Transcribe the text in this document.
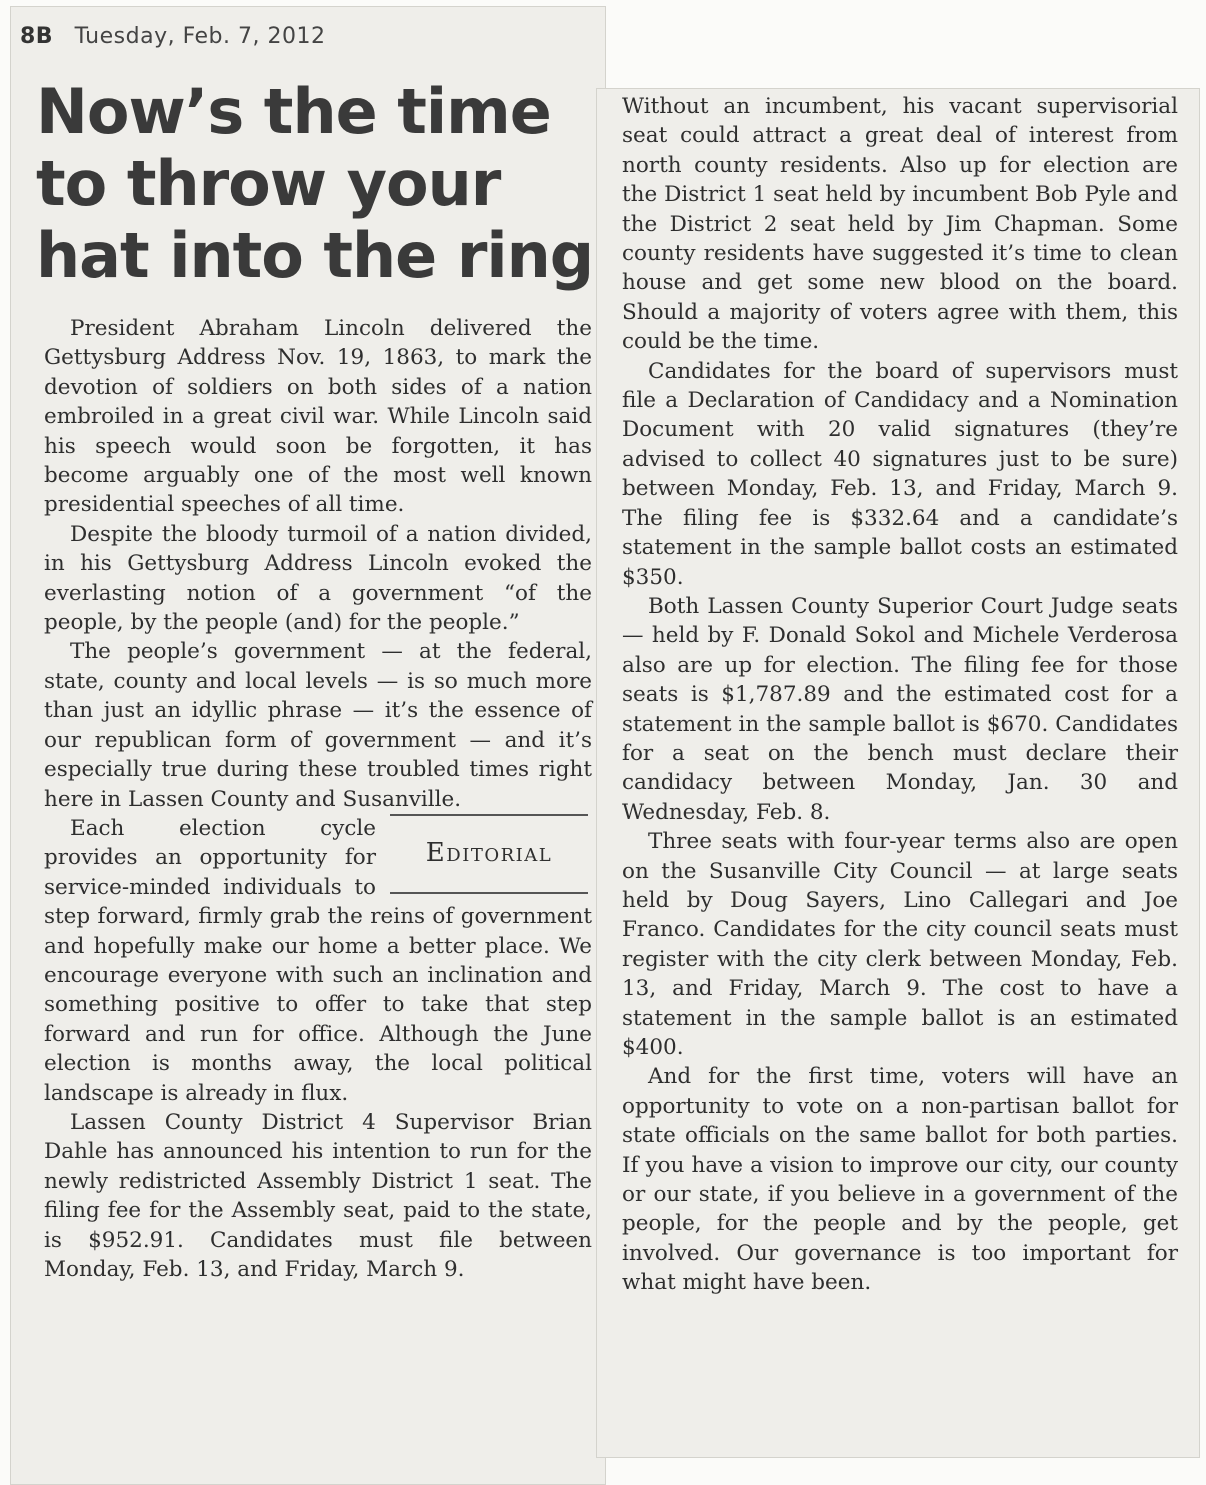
8B Tuesday, Feb. 7, 2012
Now’s the time
to throw your
hat into the ring

President Abraham Lincoln delivered the Gettysburg Address Nov. 19, 1863, to mark the devotion of soldiers on both sides of a nation embroiled in a great civil war. While Lincoln said his speech would soon be forgotten, it has become arguably one of the most well known presidential speeches of all time.

Despite the bloody turmoil of a nation divided, in his Gettysburg Address Lincoln evoked the everlasting notion of a government “of the people, by the people (and) for the people.”

The people’s government — at the federal, state, county and local levels — is so much more than just an idyllic phrase — it’s the essence of our republican form of government — and it’s especially true during these troubled times right here in Lassen County and Susanville.

Editorial

Each election cycle provides an opportunity for service-minded individuals to step forward, firmly grab the reins of government and hopefully make our home a better place. We encourage everyone with such an inclination and something positive to offer to take that step forward and run for office. Although the June election is months away, the local political landscape is already in flux.

Lassen County District 4 Supervisor Brian Dahle has announced his intention to run for the newly redistricted Assembly District 1 seat. The filing fee for the Assembly seat, paid to the state, is $952.91. Candidates must file between Monday, Feb. 13, and Friday, March 9.

Without an incumbent, his vacant supervisorial seat could attract a great deal of interest from north county residents. Also up for election are the District 1 seat held by incumbent Bob Pyle and the District 2 seat held by Jim Chapman. Some county residents have suggested it’s time to clean house and get some new blood on the board. Should a majority of voters agree with them, this could be the time.

Candidates for the board of supervisors must file a Declaration of Candidacy and a Nomination Document with 20 valid signatures (they’re advised to collect 40 signatures just to be sure) between Monday, Feb. 13, and Friday, March 9. The filing fee is $332.64 and a candidate’s statement in the sample ballot costs an estimated $350.

Both Lassen County Superior Court Judge seats — held by F. Donald Sokol and Michele Verderosa also are up for election. The filing fee for those seats is $1,787.89 and the estimated cost for a statement in the sample ballot is $670. Candidates for a seat on the bench must declare their candidacy between Monday, Jan. 30 and Wednesday, Feb. 8.

Three seats with four-year terms also are open on the Susanville City Council — at large seats held by Doug Sayers, Lino Callegari and Joe Franco. Candidates for the city council seats must register with the city clerk between Monday, Feb. 13, and Friday, March 9. The cost to have a statement in the sample ballot is an estimated $400.

And for the first time, voters will have an opportunity to vote on a non-partisan ballot for state officials on the same ballot for both parties. If you have a vision to improve our city, our county or our state, if you believe in a government of the people, for the people and by the people, get involved. Our governance is too important for what might have been.
